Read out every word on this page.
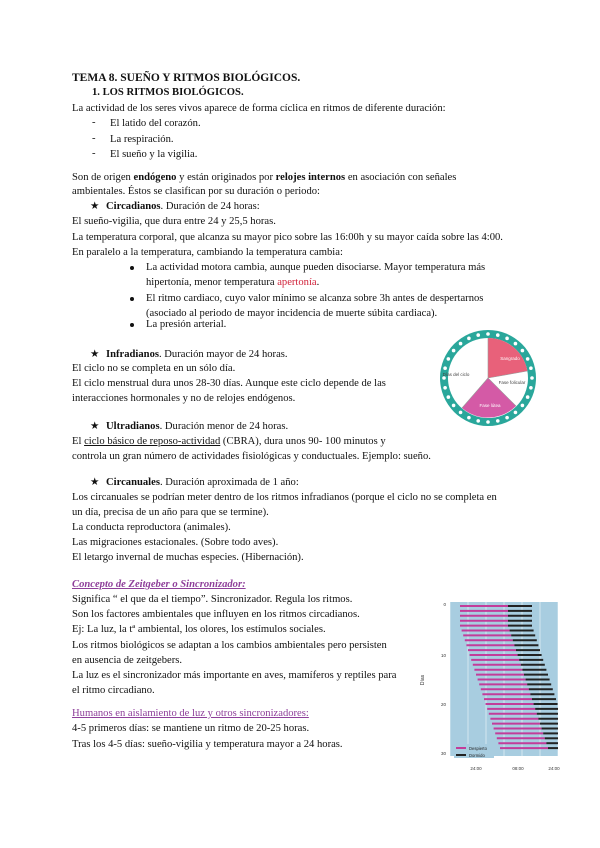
TEMA 8. SUEÑO Y RITMOS BIOLÓGICOS.
1. LOS RITMOS BIOLÓGICOS.
La actividad de los seres vivos aparece de forma cíclica en ritmos de diferente duración:
- El latido del corazón.
- La respiración.
- El sueño y la vigilia.
Son de origen endógeno y están originados por relojes internos en asociación con señales
ambientales. Éstos se clasifican por su duración o periodo:
★ Circadianos. Duración de 24 horas:
El sueño-vigilia, que dura entre 24 y 25,5 horas.
La temperatura corporal, que alcanza su mayor pico sobre las 16:00h y su mayor caída sobre las 4:00.
En paralelo a la temperatura, cambiando la temperatura cambia:
La actividad motora cambia, aunque pueden disociarse. Mayor temperatura más
hipertonía, menor temperatura apertonía.
El ritmo cardiaco, cuyo valor mínimo se alcanza sobre 3h antes de despertarnos
(asociado al periodo de mayor incidencia de muerte súbita cardiaca).
La presión arterial.
★ Infradianos. Duración mayor de 24 horas.
El ciclo no se completa en un sólo día.
El ciclo menstrual dura unos 28-30 días. Aunque este ciclo depende de las
interacciones hormonales y no de relojes endógenos.
Días del ciclo
Sangrado
Fase folicular
Fase lútea
★ Ultradianos. Duración menor de 24 horas.
El ciclo básico de reposo-actividad (CBRA), dura unos 90- 100 minutos y
controla un gran número de actividades fisiológicas y conductuales. Ejemplo: sueño.
★ Circanuales. Duración aproximada de 1 año:
Los circanuales se podrían meter dentro de los ritmos infradianos (porque el ciclo no se completa en
un día, precisa de un año para que se termine).
La conducta reproductora (animales).
Las migraciones estacionales. (Sobre todo aves).
El letargo invernal de muchas especies. (Hibernación).
Concepto de Zeitgeber o Sincronizador:
Significa “ el que da el tiempo”. Sincronizador. Regula los ritmos.
Son los factores ambientales que influyen en los ritmos circadianos.
Ej: La luz, la tª ambiental, los olores, los estímulos sociales.
Los ritmos biológicos se adaptan a los cambios ambientales pero persisten
en ausencia de zeitgebers.
La luz es el sincronizador más importante en aves, mamíferos y reptiles para
el ritmo circadiano.
Humanos en aislamiento de luz y otros sincronizadores:
4-5 primeros días: se mantiene un ritmo de 20-25 horas.
Tras los 4-5 días: sueño-vigilia y temperatura mayor a 24 horas.
Días
0
10
20
30
24:00	08:00	24:00
Despierto
Dormido
